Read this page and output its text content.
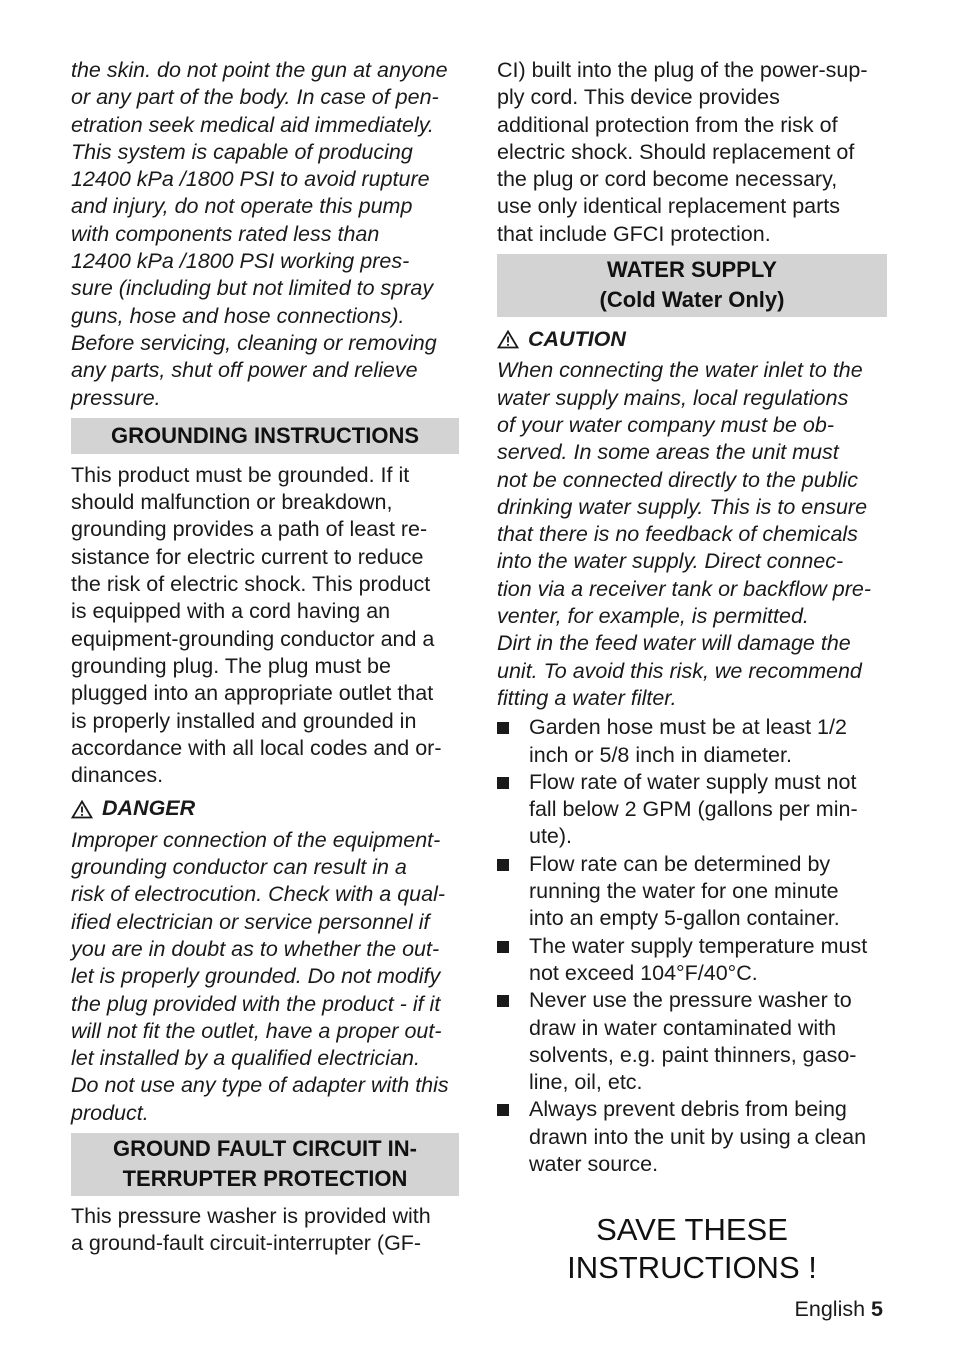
the skin. do not point the gun at anyone
or any part of the body. In case of pen-
etration seek medical aid immediately.
This system is capable of producing
12400 kPa /1800 PSI to avoid rupture
and injury, do not operate this pump
with components rated less than
12400 kPa /1800 PSI working pres-
sure (including but not limited to spray
guns, hose and hose connections).
Before servicing, cleaning or removing
any parts, shut off power and relieve
pressure.
GROUNDING INSTRUCTIONS
This product must be grounded. If it
should malfunction or breakdown,
grounding provides a path of least re-
sistance for electric current to reduce
the risk of electric shock. This product
is equipped with a cord having an
equipment-grounding conductor and a
grounding plug. The plug must be
plugged into an appropriate outlet that
is properly installed and grounded in
accordance with all local codes and or-
dinances.
DANGER
Improper connection of the equipment-
grounding conductor can result in a
risk of electrocution. Check with a qual-
ified electrician or service personnel if
you are in doubt as to whether the out-
let is properly grounded. Do not modify
the plug provided with the product - if it
will not fit the outlet, have a proper out-
let installed by a qualified electrician.
Do not use any type of adapter with this
product.
GROUND FAULT CIRCUIT IN-
TERRUPTER PROTECTION
This pressure washer is provided with
a ground-fault circuit-interrupter (GF-
CI) built into the plug of the power-sup-
ply cord. This device provides
additional protection from the risk of
electric shock. Should replacement of
the plug or cord become necessary,
use only identical replacement parts
that include GFCI protection.
WATER SUPPLY
(Cold Water Only)
CAUTION
When connecting the water inlet to the
water supply mains, local regulations
of your water company must be ob-
served. In some areas the unit must
not be connected directly to the public
drinking water supply. This is to ensure
that there is no feedback of chemicals
into the water supply. Direct connec-
tion via a receiver tank or backflow pre-
venter, for example, is permitted.
Dirt in the feed water will damage the
unit. To avoid this risk, we recommend
fitting a water filter.
Garden hose must be at least 1/2
inch or 5/8 inch in diameter.
Flow rate of water supply must not
fall below 2 GPM (gallons per min-
ute).
Flow rate can be determined by
running the water for one minute
into an empty 5-gallon container.
The water supply temperature must
not exceed 104°F/40°C.
Never use the pressure washer to
draw in water contaminated with
solvents, e.g. paint thinners, gaso-
line, oil, etc.
Always prevent debris from being
drawn into the unit by using a clean
water source.
SAVE THESE
INSTRUCTIONS !
English 5
